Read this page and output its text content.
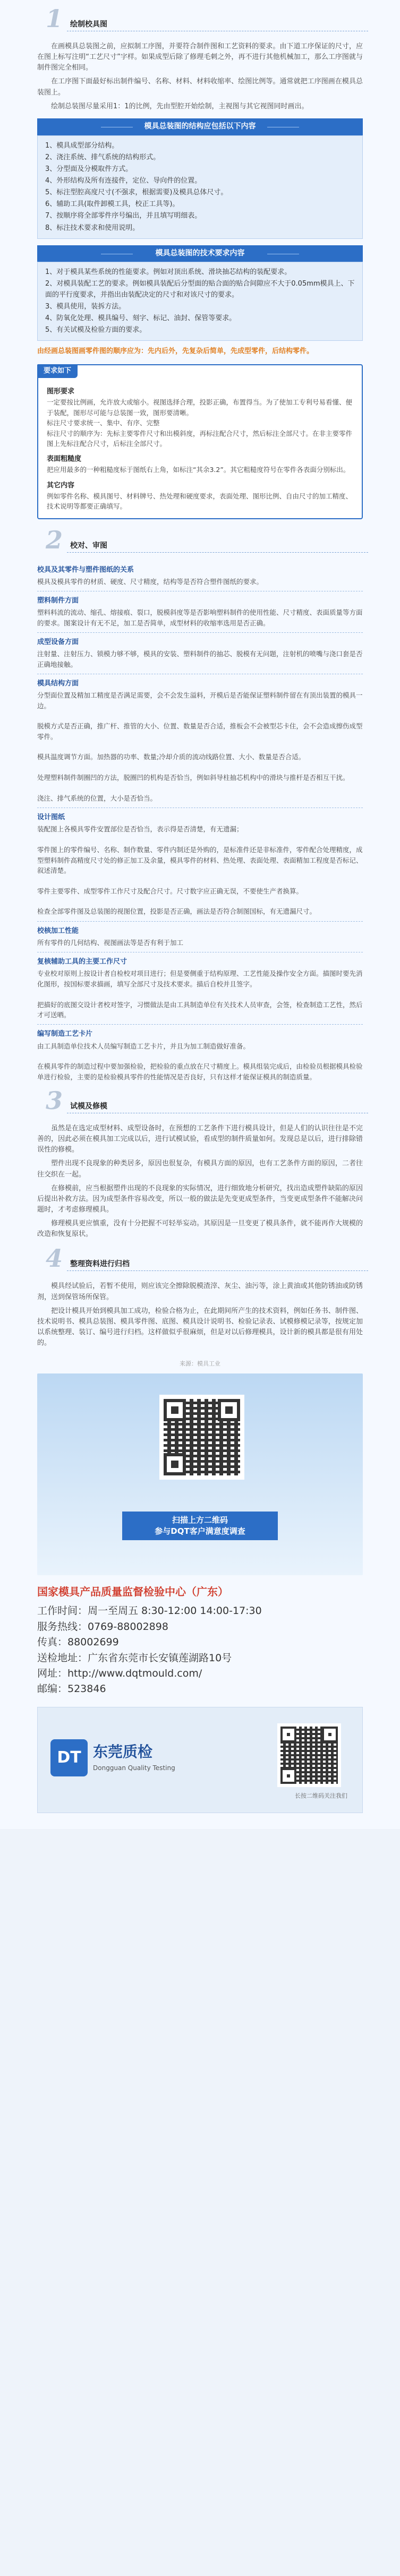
1 绘制校具图

在画模具总装图之前，应拟制工序图，并要符合制件图和工艺资料的要求。由下道工序保证的尺寸，应在图上标写注明“工艺尺寸”字样。如果成型后除了修理毛刺之外，再不进行其他机械加工，那么工序图就与制件图完全相同。

在工序图下面最好标出制件编号、名称、材料、材料收缩率、绘图比例等。通常就把工序图画在模具总装图上。

绘制总装图尽量采用1：1的比例，先由型腔开始绘制，主视图与其它视图同时画出。

模具总装图的结构应包括以下内容
1、模具成型部分结构。
2、浇注系统、排气系统的结构形式。
3、分型面及分模取件方式。
4、外形结构及所有连接件，定位、导向件的位置。
5、标注型腔高度尺寸(不强求，根据需要)及模具总体尺寸。
6、辅助工具(取件卸模工具，校正工具等)。
7、按顺序将全部零件序号编出，并且填写明细表。
8、标注技术要求和使用说明。
模具总装图的技术要求内容
1、对于模具某些系统的性能要求。例如对顶出系统、滑块抽芯结构的装配要求。
2、对模具装配工艺的要求。例如模具装配后分型面的贴合面的贴合间隙应不大于0.05mm模具上、下面的平行度要求，并指出由装配决定的尺寸和对该尺寸的要求。
3、模具使用，装拆方法。
4、防氧化处理、模具编号、刻字、标记、油封、保管等要求。
5、有关试模及检验方面的要求。

由经画总装图画零件图的顺序应为：先内后外，先复杂后简单，先成型零件，后结构零件。

要求如下
图形要求

一定要按比例画，允许放大或缩小。视图选择合理，投影正确，布置得当。为了使加工专利号易看懂、便于装配，图形尽可能与总装图一致，图形要清晰。

标注尺寸要求统一、集中、有序、完整

标注尺寸的顺序为：先标主要零件尺寸和出模斜度，再标注配合尺寸，然后标注全部尺寸。在非主要零件图上先标注配合尺寸，后标注全部尺寸。

表面粗糙度

把应用最多的一种粗糙度标于图纸右上角，如标注“其余3.2”。其它粗糙度符号在零件各表面分别标出。

其它内容

例如零件名称、模具图号、材料牌号、热处理和硬度要求，表面处理、图形比例、自由尺寸的加工精度、技术说明等都要正确填写。

2 校对、审图
校具及其零件与塑件图纸的关系

模具及模具零件的材质、硬度、尺寸精度，结构等是否符合塑件图纸的要求。

塑料制件方面

塑料料流的流动、缩孔、熔接痕、裂口，脱模斜度等是否影响塑料制件的使用性能、尺寸精度、表面质量等方面的要求。图案设计有无不足，加工是否简单，成型材料的收缩率选用是否正确。

成型设备方面

注射量、注射压力、锁模力够不够，模具的安装、塑料制件的抽芯、脱模有无问题，注射机的喷嘴与浇口套是否正确地接触。

模具结构方面

分型面位置及精加工精度是否满足需要，会不会发生溢料，开模后是否能保证塑料制件留在有顶出装置的模具一边。

脱模方式是否正确，推广杆、推管的大小、位置、数量是否合适，推板会不会被型芯卡住，会不会造成擦伤成型零件。

模具温度调节方面。加热器的功率、数量;冷却介质的流动线路位置、大小、数量是否合适。

处理塑料制件制圈凹的方法，脱圈凹的机构是否恰当，例如斜导柱抽芯机构中的滑块与推杆是否相互干扰。

浇注、排气系统的位置，大小是否恰当。

设计图纸

装配图上各模具零件安置部位是否恰当，表示得是否清楚，有无遗漏；

零件图上的零件编号、名称、制作数量、零件内制还是外购的，是标准件还是非标准件，零件配合处理精度，成型塑料制件高精度尺寸处的修正加工及余量，模具零件的材料、热处理、表面处理、表面精加工程度是否标记、叙述清楚。

零件主要零件、成型零件工作尺寸及配合尺寸。尺寸数字应正确无误，不要使生产者换算。

检查全部零件图及总装图的视图位置，投影是否正确，画法是否符合制图国标，有无遗漏尺寸。

校核加工性能

所有零件的几何结构、视图画法等是否有利于加工

复核辅助工具的主要工作尺寸

专业校对原则上按设计者自检校对项目进行；但是要侧重于结构原理、工艺性能及操作安全方面。描图时要先消化图形，按国标要求描画，填写全部尺寸及技术要求。描后自校并且签字。

把描好的底图交设计者校对签字，习惯做法是由工具制造单位有关技术人员审查，会签，检查制造工艺性，然后才可送晒。

编写制造工艺卡片

由工具制造单位技术人员编写制造工艺卡片，并且为加工制造做好准备。

在模具零件的制造过程中要加强检验，把检验的重点放在尺寸精度上。模具组装完成后，由检验员根据模具检验单进行检验，主要的是检验模具零件的性能情况是否良好，只有这样才能保证模具的制造质量。

3 试模及修模

虽然是在选定成型材料、成型设备时，在预想的工艺条件下进行模具设计，但是人们的认识往往是不完善的，因此必须在模具加工完成以后，进行试模试验，看成型的制件质量如何。发现总是以后，进行排除错误性的修模。

塑件出现不良现象的种类居多，原因也很复杂，有模具方面的原因，也有工艺条件方面的原因，二者往往交织在一起。

在修模前，应当根据塑件出现的不良现象的实际情况，进行细致地分析研究，找出造成塑件缺陷的原因后提出补救方法。因为成型条件容易改变，所以一般的做法是先变更成型条件，当变更成型条件不能解决问题时，才考虑修理模具。

修理模具更应慎重，没有十分把握不可轻举妄动。其原因是一旦变更了模具条件，就不能再作大规模的改造和恢复原状。

4 整理资料进行归档

模具经试验后，若暂不使用，则应该完全擦除脱模渣滓、灰尘、油污等，涂上黄油或其他防锈油或防锈剂，送到保管场所保管。

把设计模具开始到模具加工成功，检验合格为止，在此期间所产生的技术资料，例如任务书、制件图、技术说明书、模具总装图、模具零件图、底图、模具设计说明书、检验记录表、试模修模记录等，按规定加以系统整理、装订、编号进行归档。这样做似乎很麻烦，但是对以后修理模具，设计新的模具都是很有用处的。

来源：模具工业
扫描上方二维码
参与DQT客户满意度调查
国家模具产品质量监督检验中心（广东）
工作时间：周一至周五 8:30-12:00 14:00-17:30
服务热线：0769-88002898
传真：88002699
送检地址：广东省东莞市长安镇莲湖路10号
网址：http://www.dqtmould.com/
邮编：523846
DT 东莞质检
Dongguan Quality Testing
长按二维码关注我们
